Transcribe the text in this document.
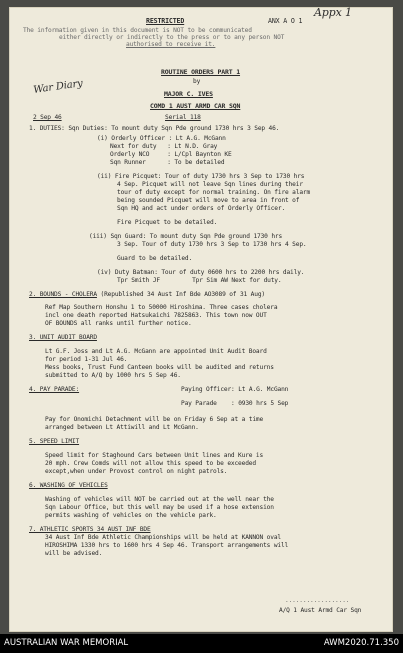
RESTRICTED	ANX A O 1
Appx 1
The information given in this document is NOT to be communicated
either directly or indirectly to the press or to any person NOT
authorised to receive it.
War Diary
ROUTINE ORDERS PART 1
by
MAJOR C. IVES
COMD 1 AUST ARMD CAR SQN
2 Sep 46	Serial 118
1. DUTIES: Sqn Duties: To mount duty Sqn Pde ground 1730 hrs 3 Sep 46.
(i) Orderly Officer : Lt A.G. McGann
Next for duty   : Lt N.D. Gray
Orderly NCO     : L/Cpl Baynton KE
Sqn Runner      : To be detailed
(ii) Fire Picquet: Tour of duty 1730 hrs 3 Sep to 1730 hrs
4 Sep. Picquet will not leave Sqn lines during their
tour of duty except for normal training. On fire alarm
being sounded Picquet will move to area in front of
Sqn HQ and act under orders of Orderly Officer.
Fire Picquet to be detailed.
(iii) Sqn Guard: To mount duty Sqn Pde ground 1730 hrs
3 Sep. Tour of duty 1730 hrs 3 Sep to 1730 hrs 4 Sep.
Guard to be detailed.
(iv) Duty Batman: Tour of duty 0600 hrs to 2200 hrs daily.
Tpr Smith JF         Tpr Sim AW Next for duty.
2. BOUNDS - CHOLERA (Republished 34 Aust Inf Bde AO3089 of 31 Aug)
Ref Map Southern Honshu 1 to 50000 Hiroshima. Three cases cholera
incl one death reported Hatsukaichi 7825863. This town now OUT
OF BOUNDS all ranks until further notice.
3. UNIT AUDIT BOARD
Lt G.F. Joss and Lt A.G. McGann are appointed Unit Audit Board
for period 1-31 Jul 46.
Mess books, Trust Fund Canteen books will be audited and returns
submitted to A/Q by 1000 hrs 5 Sep 46.
4. PAY PARADE:	Paying Officer: Lt A.G. McGann
Pay Parade    : 0930 hrs 5 Sep
Pay for Onomichi Detachment will be on Friday 6 Sep at a time
arranged between Lt Attiwill and Lt McGann.
5. SPEED LIMIT
Speed limit for Staghound Cars between Unit lines and Kure is
20 mph. Crew Comds will not allow this speed to be exceeded
except,when under Provost control on night patrols.
6. WASHING OF VEHICLES
Washing of vehicles will NOT be carried out at the well near the
Sqn Labour Office, but this well may be used if a hose extension
permits washing of vehicles on the vehicle park.
7. ATHLETIC SPORTS 34 AUST INF BDE
34 Aust Inf Bde Athletic Championships will be held at KANNON oval
HIROSHIMA 1330 hrs to 1600 hrs 4 Sep 46. Transport arrangements will
will be advised.
..................
A/Q 1 Aust Armd Car Sqn
AUSTRALIAN WAR MEMORIAL	AWM2020.71.350
